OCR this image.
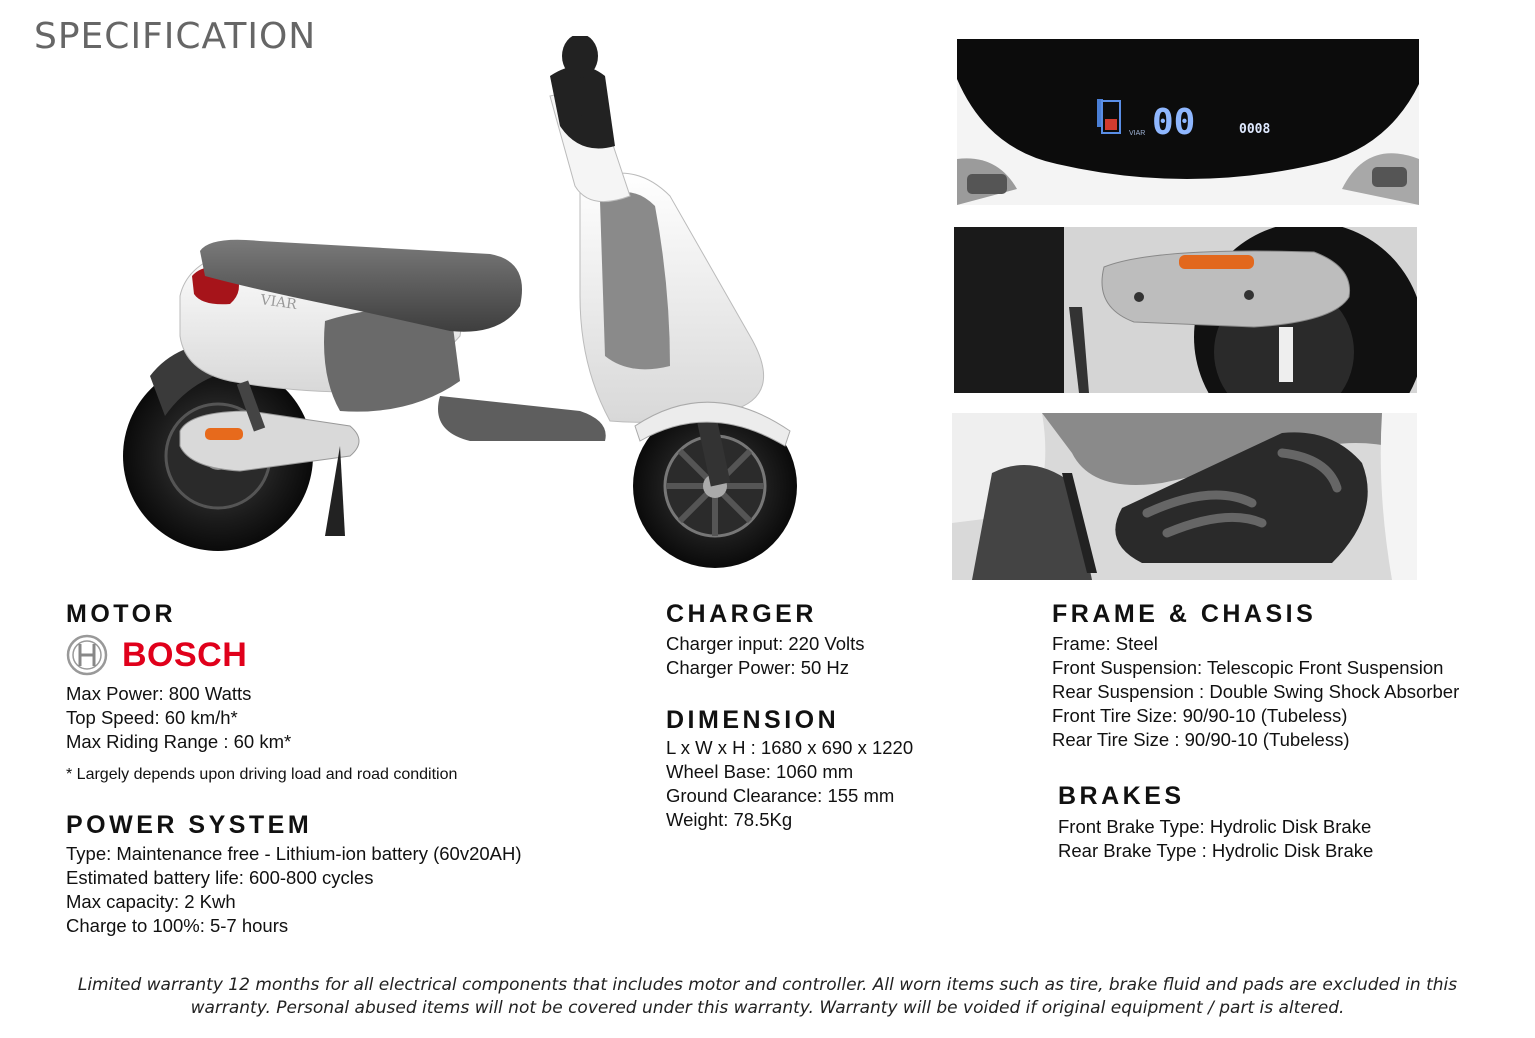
SPECIFICATION
VIAR
00	0008
VIAR
MOTOR
BOSCH
Max Power: 800 Watts
Top Speed: 60 km/h*
Max Riding Range : 60 km*
* Largely depends upon driving load and road condition
POWER SYSTEM
Type: Maintenance free - Lithium-ion battery (60v20AH)
Estimated battery life: 600-800 cycles
Max capacity: 2 Kwh
Charge to 100%: 5-7 hours
CHARGER
Charger input: 220 Volts
Charger Power: 50 Hz
DIMENSION
L x W x H : 1680 x 690 x 1220
Wheel Base: 1060 mm
Ground Clearance: 155 mm
Weight: 78.5Kg
FRAME & CHASIS
Frame: Steel
Front Suspension: Telescopic Front Suspension
Rear Suspension : Double Swing Shock Absorber
Front Tire Size: 90/90-10 (Tubeless)
Rear Tire Size : 90/90-10 (Tubeless)
BRAKES
Front Brake Type: Hydrolic Disk Brake
Rear Brake Type : Hydrolic Disk Brake
Limited warranty 12 months for all electrical components that includes motor and controller. All worn items such as tire, brake fluid and pads are excluded in this warranty. Personal abused items will not be covered under this warranty. Warranty will be voided if original equipment / part is altered.
